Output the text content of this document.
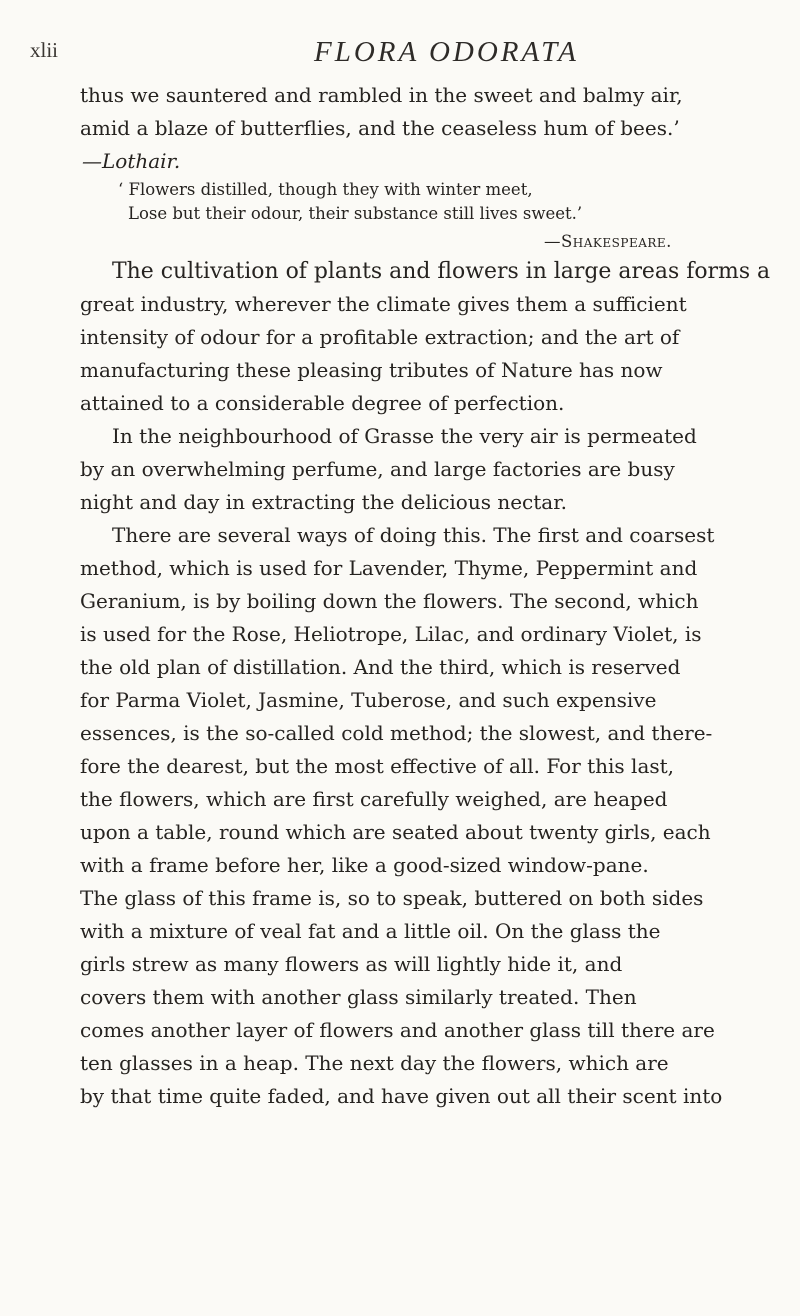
xlii	FLORA ODORATA
thus we sauntered and rambled in the sweet and balmy air,
amid a blaze of butterflies, and the ceaseless hum of bees.’
—Lothair.
‘ Flowers distilled, though they with winter meet,
Lose but their odour, their substance still lives sweet.’
—Shakespeare.
The cultivation of plants and flowers in large areas forms a
great industry, wherever the climate gives them a sufficient
intensity of odour for a profitable extraction; and the art of
manufacturing these pleasing tributes of Nature has now
attained to a considerable degree of perfection.
In the neighbourhood of Grasse the very air is permeated
by an overwhelming perfume, and large factories are busy
night and day in extracting the delicious nectar.
There are several ways of doing this. The first and coarsest
method, which is used for Lavender, Thyme, Peppermint and
Geranium, is by boiling down the flowers. The second, which
is used for the Rose, Heliotrope, Lilac, and ordinary Violet, is
the old plan of distillation. And the third, which is reserved
for Parma Violet, Jasmine, Tuberose, and such expensive
essences, is the so-called cold method; the slowest, and there-
fore the dearest, but the most effective of all. For this last,
the flowers, which are first carefully weighed, are heaped
upon a table, round which are seated about twenty girls, each
with a frame before her, like a good-sized window-pane.
The glass of this frame is, so to speak, buttered on both sides
with a mixture of veal fat and a little oil. On the glass the
girls strew as many flowers as will lightly hide it, and
covers them with another glass similarly treated. Then
comes another layer of flowers and another glass till there are
ten glasses in a heap. The next day the flowers, which are
by that time quite faded, and have given out all their scent into
